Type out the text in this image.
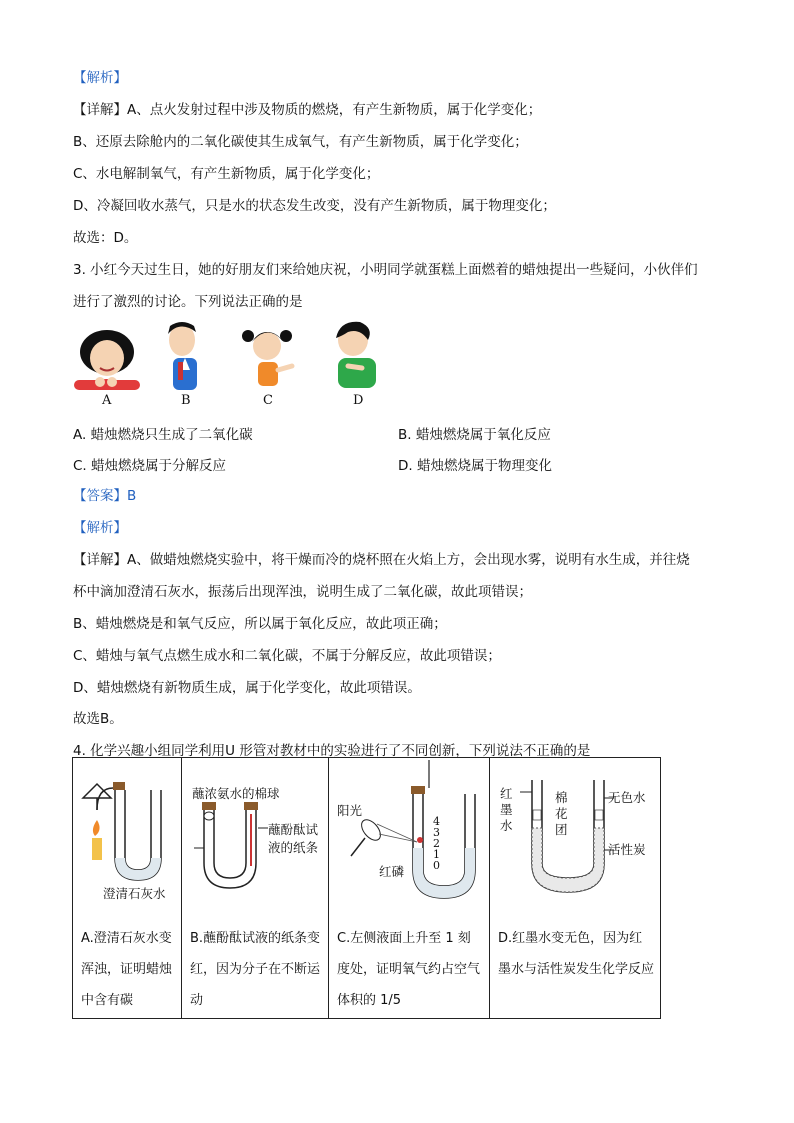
【解析】
【详解】A、点火发射过程中涉及物质的燃烧，有产生新物质，属于化学变化；
B、还原去除舱内的二氧化碳使其生成氧气，有产生新物质，属于化学变化；
C、水电解制氧气，有产生新物质，属于化学变化；
D、冷凝回收水蒸气，只是水的状态发生改变，没有产生新物质，属于物理变化；
故选：D。
3. 小红今天过生日，她的好朋友们来给她庆祝，小明同学就蛋糕上面燃着的蜡烛提出一些疑问，小伙伴们
进行了激烈的讨论。下列说法正确的是
A	B	C	D
A. 蜡烛燃烧只生成了二氧化碳	B. 蜡烛燃烧属于氧化反应
C. 蜡烛燃烧属于分解反应	D. 蜡烛燃烧属于物理变化
【答案】B
【解析】
【详解】A、做蜡烛燃烧实验中，将干燥而冷的烧杯照在火焰上方，会出现水雾，说明有水生成，并往烧
杯中滴加澄清石灰水，振荡后出现浑浊，说明生成了二氧化碳，故此项错误；
B、蜡烛燃烧是和氧气反应，所以属于氧化反应，故此项正确；
C、蜡烛与氧气点燃生成水和二氧化碳，不属于分解反应，故此项错误；
D、蜡烛燃烧有新物质生成，属于化学变化，故此项错误。
故选B。
4. 化学兴趣小组同学利用U 形管对教材中的实验进行了不同创新，下列说法不正确的是
澄清石灰水
A.澄清石灰水变浑浊，证明蜡烛中含有碳

蘸浓氨水的棉球
蘸酚酞试
液的纸条
B.蘸酚酞试液的纸条变红，因为分子在不断运动

阳光
红磷
4
3
2
1
0
C.左侧液面上升至 1 刻度处，证明氧气约占空气体积的 1/5

红
墨
水
棉
花
团
无色水
活性炭
D.红墨水变无色，因为红墨水与活性炭发生化学反应
